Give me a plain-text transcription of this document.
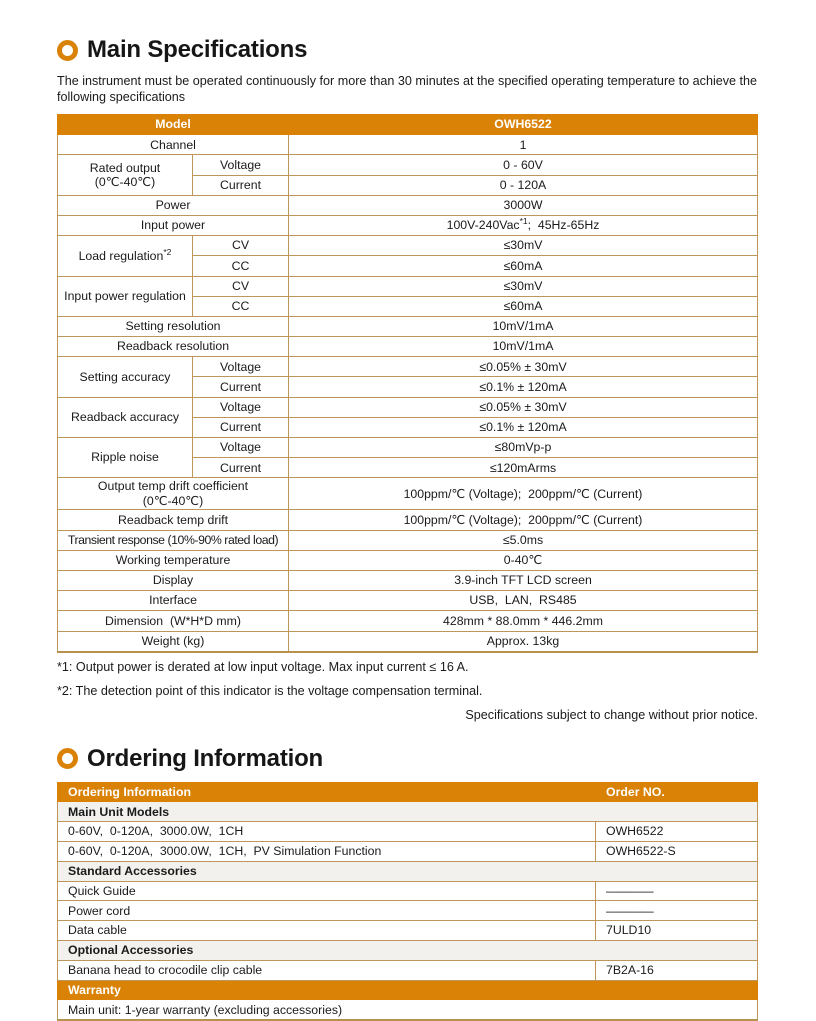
Main Specifications

The instrument must be operated continuously for more than 30 minutes at the specified operating temperature to achieve the following specifications

Model		OWH6522
Channel		1

Rated output
(0℃-40℃)	Voltage	0 - 60V
	Current	0 - 120A
Power		3000W
Input power		100V-240Vac$^{*1}$;  45Hz-65Hz
Load regulation$^{*2}$	CV	≤30mV
	CC	≤60mA
Input power regulation	CV	≤30mV
	CC	≤60mA
Setting resolution		10mV/1mA
Readback resolution		10mV/1mA
Setting accuracy	Voltage	≤0.05% ± 30mV
	Current	≤0.1% ± 120mA
Readback accuracy	Voltage	≤0.05% ± 30mV
	Current	≤0.1% ± 120mA
Ripple noise	Voltage	≤80mVp-p
	Current	≤120mArms

Output temp drift coefficient
(0℃-40℃)		100ppm/℃ (Voltage);  200ppm/℃ (Current)
Readback temp drift		100ppm/℃ (Voltage);  200ppm/℃ (Current)
Transient response (10%-90% rated load)		≤5.0ms
Working temperature		0-40℃
Display		3.9-inch TFT LCD screen
Interface		USB,  LAN,  RS485
Dimension  (W*H*D mm)		428mm * 88.0mm * 446.2mm
Weight (kg)		Approx. 13kg

*1: Output power is derated at low input voltage. Max input current ≤ 16 A.

*2: The detection point of this indicator is the voltage compensation terminal.

Specifications subject to change without prior notice.

Ordering Information
Ordering Information	Order NO.
Main Unit Models	
0-60V,  0-120A,  3000.0W,  1CH	OWH6522
0-60V,  0-120A,  3000.0W,  1CH,  PV Simulation Function	OWH6522-S
Standard Accessories	
Quick Guide	————
Power cord	————
Data cable	7ULD10
Optional Accessories	
Banana head to crocodile clip cable	7B2A-16
Warranty	
Main unit: 1-year warranty (excluding accessories)	
